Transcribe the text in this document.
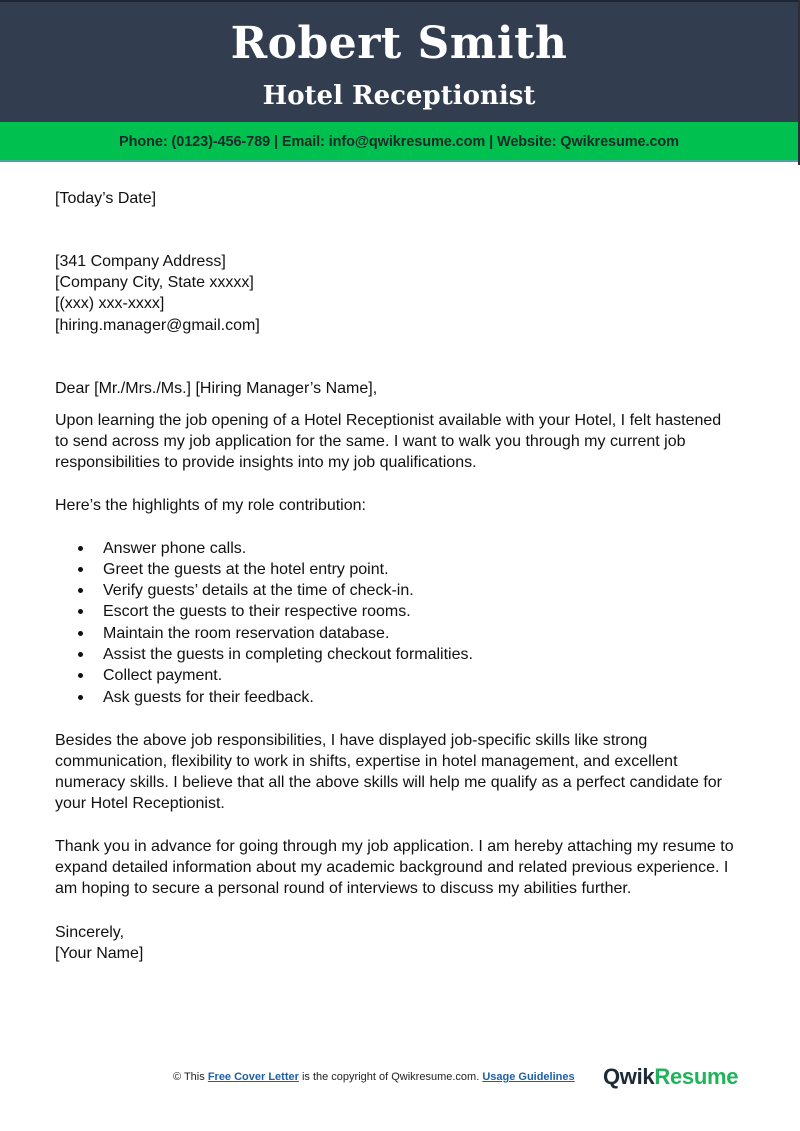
Robert Smith
Hotel Receptionist
Phone: (0123)-456-789 | Email: info@qwikresume.com | Website: Qwikresume.com
[Today’s Date]
[341 Company Address]
[Company City, State xxxxx]
[(xxx) xxx-xxxx]
[hiring.manager@gmail.com]
Dear [Mr./Mrs./Ms.] [Hiring Manager’s Name],
Upon learning the job opening of a Hotel Receptionist available with your Hotel, I felt hastened
to send across my job application for the same. I want to walk you through my current job
responsibilities to provide insights into my job qualifications.
Here’s the highlights of my role contribution:
Answer phone calls.
Greet the guests at the hotel entry point.
Verify guests’ details at the time of check-in.
Escort the guests to their respective rooms.
Maintain the room reservation database.
Assist the guests in completing checkout formalities.
Collect payment.
Ask guests for their feedback.
Besides the above job responsibilities, I have displayed job-specific skills like strong
communication, flexibility to work in shifts, expertise in hotel management, and excellent
numeracy skills. I believe that all the above skills will help me qualify as a perfect candidate for
your Hotel Receptionist.
Thank you in advance for going through my job application. I am hereby attaching my resume to
expand detailed information about my academic background and related previous experience. I
am hoping to secure a personal round of interviews to discuss my abilities further.
Sincerely,
[Your Name]
© This Free Cover Letter is the copyright of Qwikresume.com. Usage Guidelines QwikResume
